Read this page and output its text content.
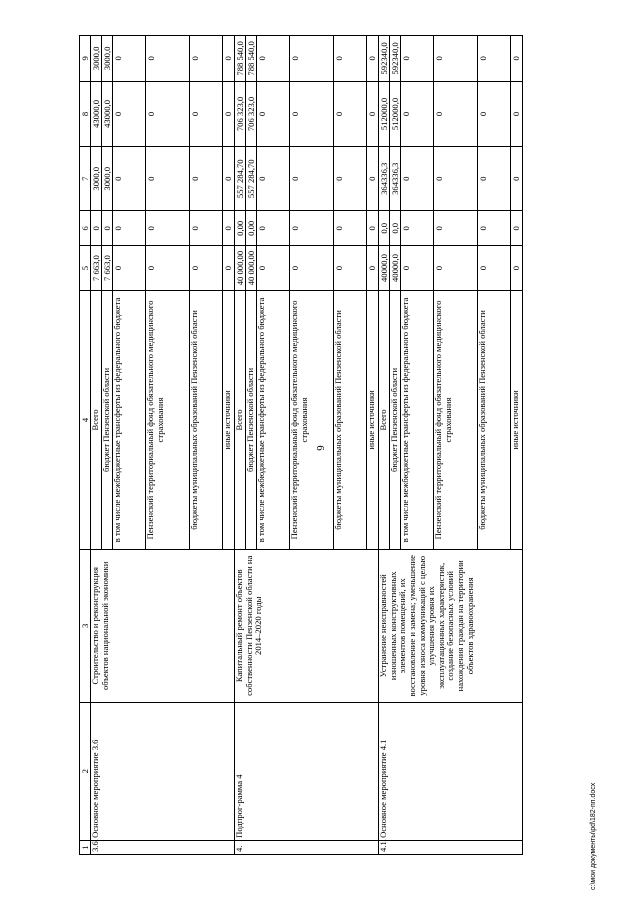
6
1	2	3	4	5	6	7	8	9
3.6.	Основное мероприятие 3.6	Строительство и реконструкция объектов национальной экономики	Всего	7 663,0	0	3000,0	43000,0	3000,0
			бюджет Пензенской области	7 663,0	0	3000,0	43000,0	3000,0
			в том числе межбюджетные трансферты из федерального бюджета	0	0	0	0	0
			Пензенский территориальный фонд обязательного медицинского страхования	0	0	0	0	0
			бюджеты муниципальных образований Пензенской области	0	0	0	0	0
			иные источники	0	0	0	0	0
4.	Подпрог-рамма 4	Капитальный ремонт объектов собственности Пензенской области на 2014–2020 годы	Всего	40 000,00	0,00	557 284,70	706 323,0	788 540,0
			бюджет Пензенской области	40 000,00	0,00	557 284,70	706 323,0	788 540,0
			в том числе межбюджетные трансферты из федерального бюджета	0	0	0	0	0
			Пензенский территориальный фонд обязательного медицинского страхования	0	0	0	0	0
			бюджеты муниципальных образований Пензенской области	0	0	0	0	0
			иные источники	0	0	0	0	0
4.1.	Основное мероприятие 4.1	Устранение неисправностей изношенных конструктивных элементов помещений, их восстановление и замена; уменьшение уровня износа коммуникаций с целью улучшения уровня их эксплуатационных характеристик, создание безопасных условий нахождения граждан на территории объектов здравоохранения	Всего	40000,0	0,0	364336,3	512000,0	592340,0
			бюджет Пензенской области	40000,0	0,0	364336,3	512000,0	592340,0
			в том числе межбюджетные трансферты из федерального бюджета	0	0	0	0	0
			Пензенский территориальный фонд обязательного медицинского страхования	0	0	0	0	0
			бюджеты муниципальных образований Пензенской области	0	0	0	0	0
			иные источники	0	0	0	0	0
c:\мои документы\pd\182-пп.docx
